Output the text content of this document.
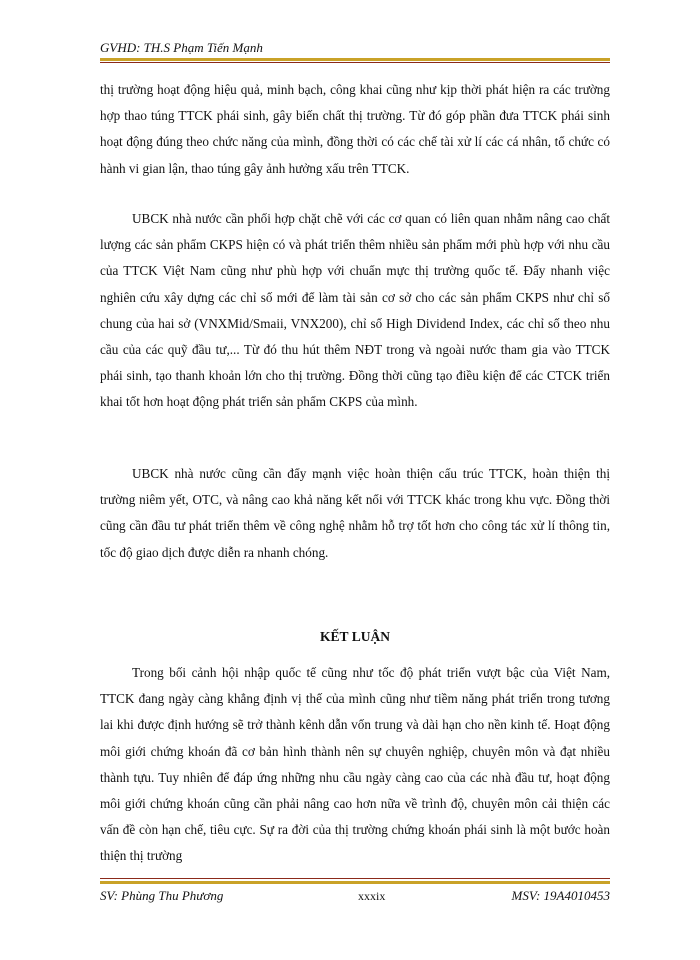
GVHD: TH.S Phạm Tiến Mạnh

thị trường hoạt động hiệu quả, minh bạch, công khai cũng như kịp thời phát hiện ra các trường hợp thao túng TTCK phái sinh, gây biến chất thị trường. Từ đó góp phần đưa TTCK phái sinh hoạt động đúng theo chức năng của mình, đồng thời có các chế tài xử lí các cá nhân, tổ chức có hành vi gian lận, thao túng gây ảnh hưởng xấu trên TTCK.

UBCK nhà nước cần phối hợp chặt chẽ với các cơ quan có liên quan nhằm nâng cao chất lượng các sản phẩm CKPS hiện có và phát triển thêm nhiều sản phẩm mới phù hợp với nhu cầu của TTCK Việt Nam cũng như phù hợp với chuẩn mực thị trường quốc tế. Đẩy nhanh việc nghiên cứu xây dựng các chỉ số mới để làm tài sản cơ sở cho các sản phẩm CKPS như chỉ số chung của hai sở (VNXMid/Smaii, VNX200), chỉ số High Dividend Index, các chỉ số theo nhu cầu của các quỹ đầu tư,... Từ đó thu hút thêm NĐT trong và ngoài nước tham gia vào TTCK phái sinh, tạo thanh khoản lớn cho thị trường. Đồng thời cũng tạo điều kiện để các CTCK triển khai tốt hơn hoạt động phát triển sản phẩm CKPS của mình.

UBCK nhà nước cũng cần đẩy mạnh việc hoàn thiện cấu trúc TTCK, hoàn thiện thị trường niêm yết, OTC, và nâng cao khả năng kết nối với TTCK khác trong khu vực. Đồng thời cũng cần đầu tư phát triển thêm về công nghệ nhằm hỗ trợ tốt hơn cho công tác xử lí thông tin, tốc độ giao dịch được diễn ra nhanh chóng.

KẾT LUẬN

Trong bối cảnh hội nhập quốc tế cũng như tốc độ phát triển vượt bậc của Việt Nam, TTCK đang ngày càng khẳng định vị thế của mình cũng như tiềm năng phát triển trong tương lai khi được định hướng sẽ trở thành kênh dẫn vốn trung và dài hạn cho nền kinh tế. Hoạt động môi giới chứng khoán đã cơ bản hình thành nên sự chuyên nghiệp, chuyên môn và đạt nhiều thành tựu. Tuy nhiên để đáp ứng những nhu cầu ngày càng cao của các nhà đầu tư, hoạt động môi giới chứng khoán cũng cần phải nâng cao hơn nữa về trình độ, chuyên môn cải thiện các vấn đề còn hạn chế, tiêu cực. Sự ra đời của thị trường chứng khoán phái sinh là một bước hoàn thiện thị trường

SV: Phùng Thu Phương	xxxix	MSV: 19A4010453
